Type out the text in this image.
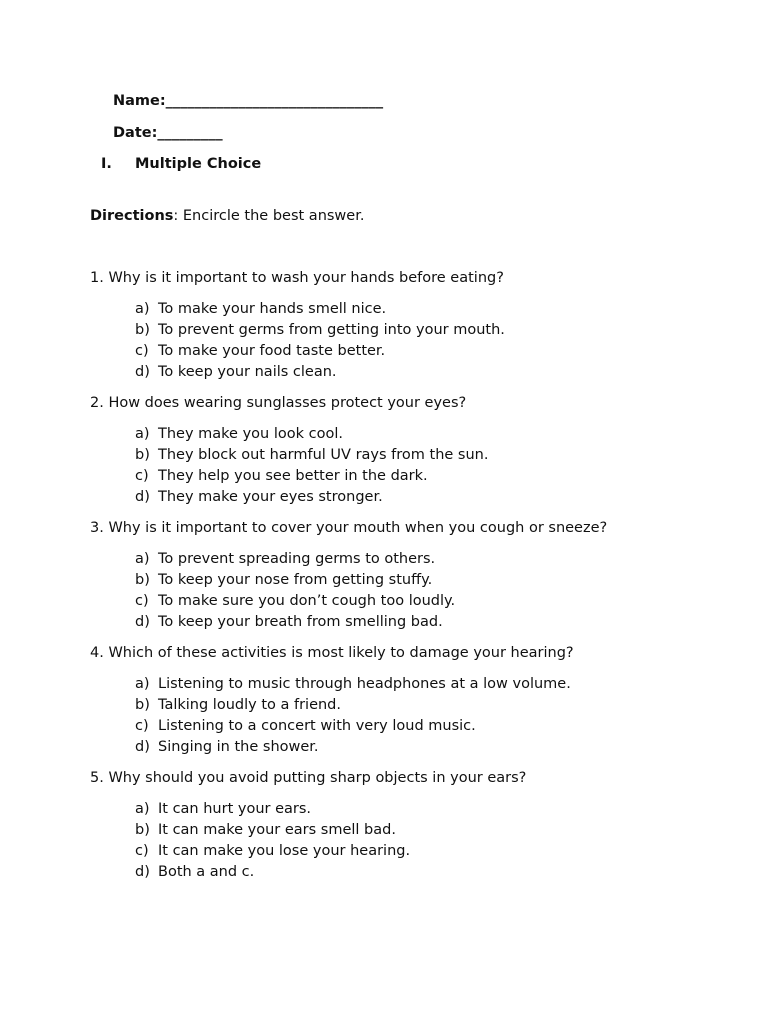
Name:______________________________
Date:_________
I. Multiple Choice
Directions: Encircle the best answer.
1. Why is it important to wash your hands before eating?
a) To make your hands smell nice.
b) To prevent germs from getting into your mouth.
c) To make your food taste better.
d) To keep your nails clean.
2. How does wearing sunglasses protect your eyes?
a) They make you look cool.
b) They block out harmful UV rays from the sun.
c) They help you see better in the dark.
d) They make your eyes stronger.
3. Why is it important to cover your mouth when you cough or sneeze?
a) To prevent spreading germs to others.
b) To keep your nose from getting stuffy.
c) To make sure you don’t cough too loudly.
d) To keep your breath from smelling bad.
4. Which of these activities is most likely to damage your hearing?
a) Listening to music through headphones at a low volume.
b) Talking loudly to a friend.
c) Listening to a concert with very loud music.
d) Singing in the shower.
5. Why should you avoid putting sharp objects in your ears?
a) It can hurt your ears.
b) It can make your ears smell bad.
c) It can make you lose your hearing.
d) Both a and c.
